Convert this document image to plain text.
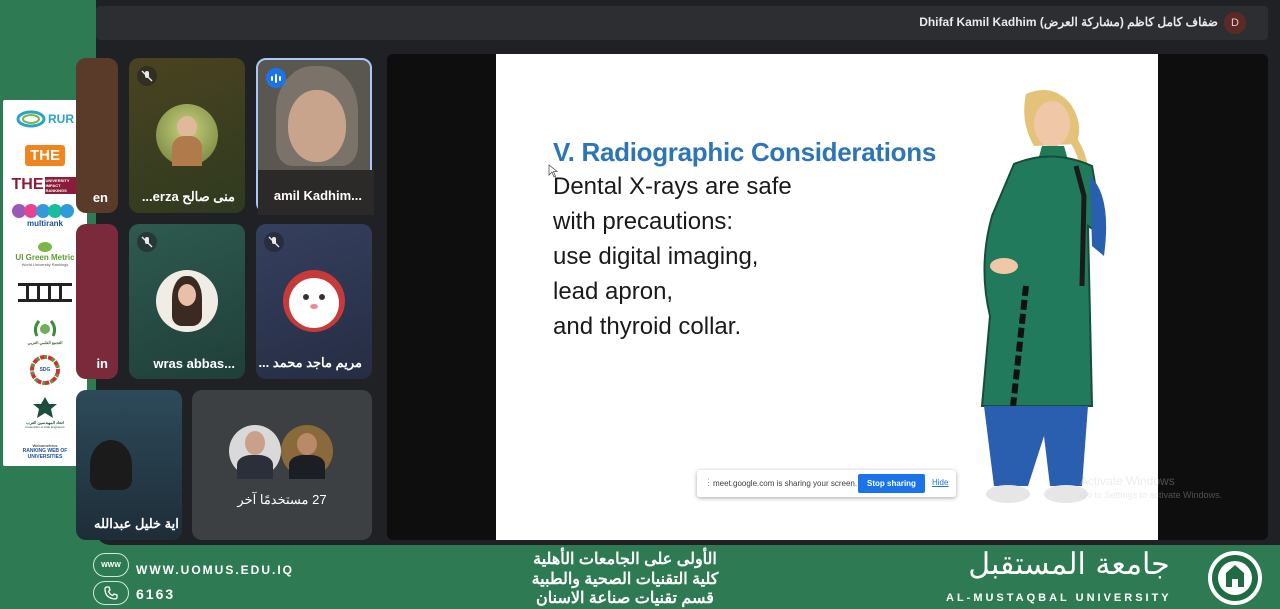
RUR
THE
THE UNIVERSITY IMPACT RANKINGS
multirank
UI Green Metric
World University Rankings
التجمع العلمي العربي
SDG
اتحاد المهندسين العرب
Federation of Arab Engineers
Webometrics
RANKING WEB OF UNIVERSITIES
Dhifaf Kamil Kadhim ضفاف كامل كاظم (مشاركة العرض)	D
en
in
اية خليل عبدالله
منى صالح erza...
wras abbas...
amil Kadhim...
مريم ماجد محمد ...
27 مستخدمًا آخر
V. Radiographic Considerations
Dental X-rays are safe
with precautions:
use digital imaging,
lead apron,
and thyroid collar.
⋮ meet.google.com is sharing your screen.	Stop sharing	Hide	Activate Windows
Go to Settings to activate Windows.
WWW WWW.UOMUS.EDU.IQ
6163
الأولى على الجامعات الأهلية
كلية التقنيات الصحية والطبية
قسم تقنيات صناعة الاسنان
جامعة المستقبل
AL-MUSTAQBAL UNIVERSITY
